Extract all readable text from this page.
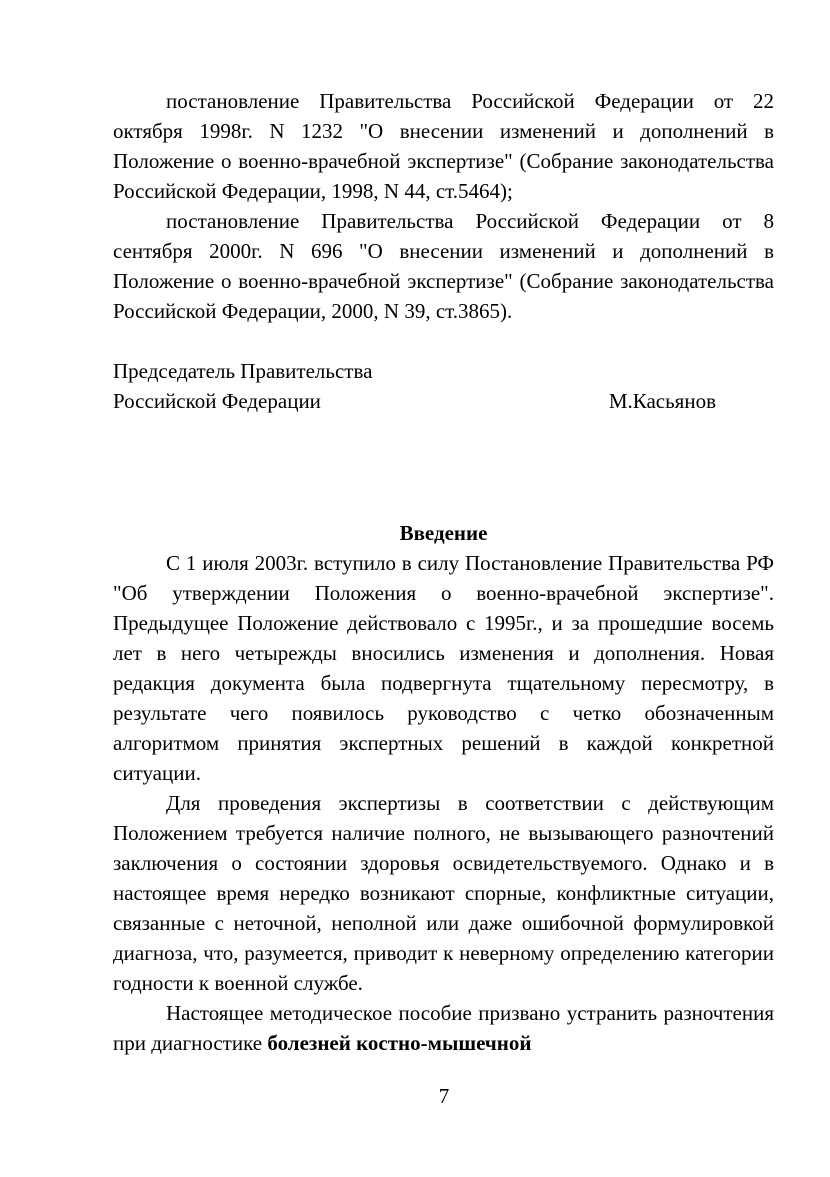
постановление Правительства Российской Федерации от 22 октября 1998г. N 1232 "О внесении изменений и дополнений в Положение о военно-врачебной экспертизе" (Собрание законодательства Российской Федерации, 1998, N 44, ст.5464);

постановление Правительства Российской Федерации от 8 сентября 2000г. N 696 "О внесении изменений и дополнений в Положение о военно-врачебной экспертизе" (Собрание законодательства Российской Федерации, 2000, N 39, ст.3865).

Председатель Правительства
Российской Федерации	М.Касьянов
Введение

С 1 июля 2003г. вступило в силу Постановление Правительства РФ "Об утверждении Положения о военно-врачебной экспертизе". Предыдущее Положение действовало с 1995г., и за прошедшие восемь лет в него четырежды вносились изменения и дополнения. Новая редакция документа была подвергнута тщательному пересмотру, в результате чего появилось руководство с четко обозначенным алгоритмом принятия экспертных решений в каждой конкретной ситуации.

Для проведения экспертизы в соответствии с действующим Положением требуется наличие полного, не вызывающего разночтений заключения о состоянии здоровья освидетельствуемого. Однако и в настоящее время нередко возникают спорные, конфликтные ситуации, связанные с неточной, неполной или даже ошибочной формулировкой диагноза, что, разумеется, приводит к неверному определению категории годности к военной службе.

Настоящее методическое пособие призвано устранить разночтения при диагностике болезней костно-мышечной

7
